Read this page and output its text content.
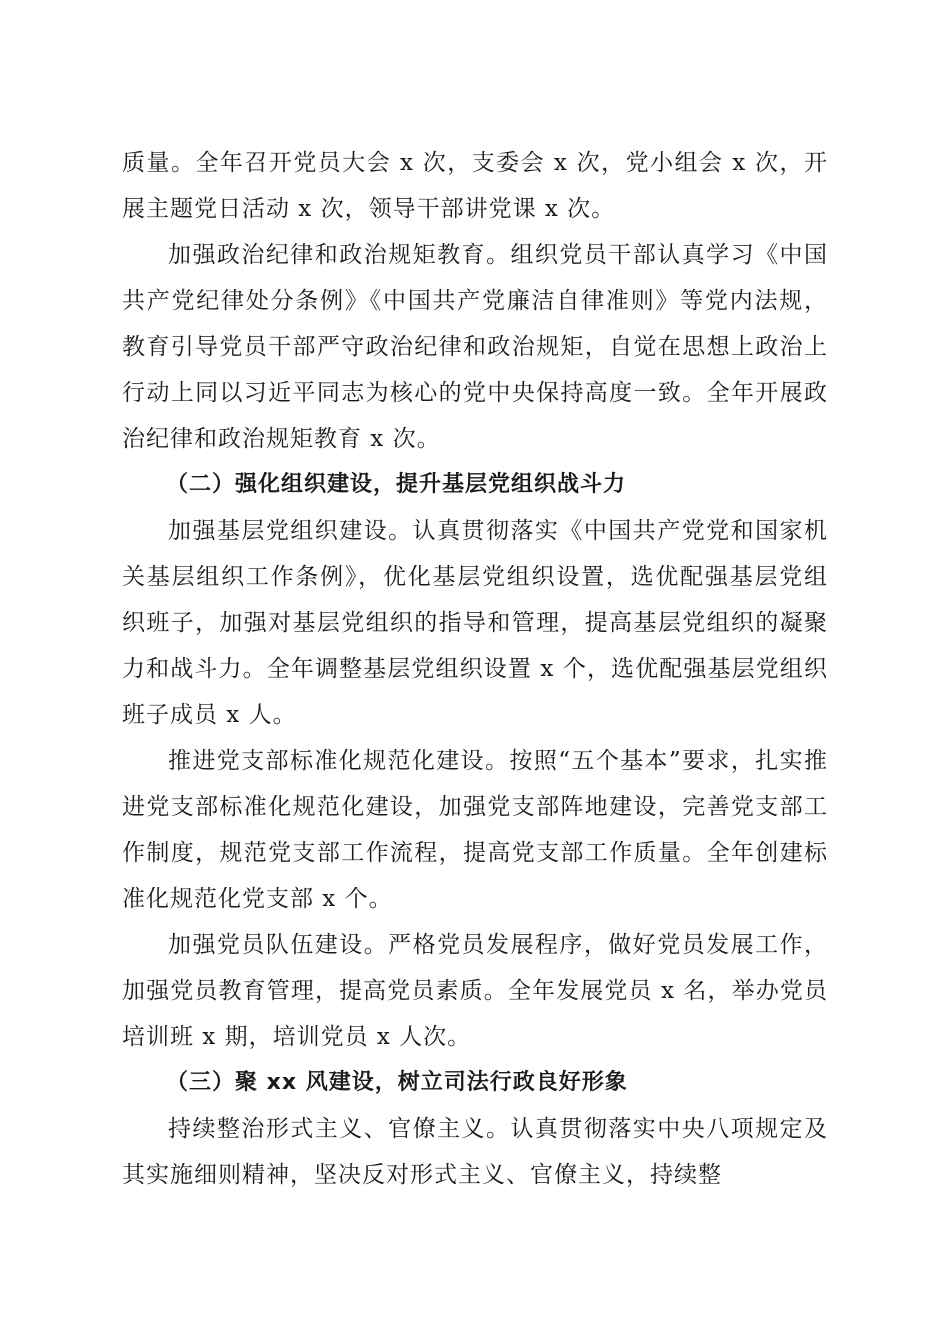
质量。全年召开党员大会 x 次，支委会 x 次，党小组会 x 次，开展主题党日活动 x 次，领导干部讲党课 x 次。

加强政治纪律和政治规矩教育。组织党员干部认真学习《中国共产党纪律处分条例》《中国共产党廉洁自律准则》等党内法规，教育引导党员干部严守政治纪律和政治规矩，自觉在思想上政治上行动上同以习近平同志为核心的党中央保持高度一致。全年开展政治纪律和政治规矩教育 x 次。

（二）强化组织建设，提升基层党组织战斗力

加强基层党组织建设。认真贯彻落实《中国共产党党和国家机关基层组织工作条例》，优化基层党组织设置，选优配强基层党组织班子，加强对基层党组织的指导和管理，提高基层党组织的凝聚力和战斗力。全年调整基层党组织设置 x 个，选优配强基层党组织班子成员 x 人。

推进党支部标准化规范化建设。按照“五个基本”要求，扎实推进党支部标准化规范化建设，加强党支部阵地建设，完善党支部工作制度，规范党支部工作流程，提高党支部工作质量。全年创建标准化规范化党支部 x 个。

加强党员队伍建设。严格党员发展程序，做好党员发展工作，加强党员教育管理，提高党员素质。全年发展党员 x 名，举办党员培训班 x 期，培训党员 x 人次。

（三）聚 xx 风建设，树立司法行政良好形象

持续整治形式主义、官僚主义。认真贯彻落实中央八项规定及其实施细则精神，坚决反对形式主义、官僚主义，持续整
